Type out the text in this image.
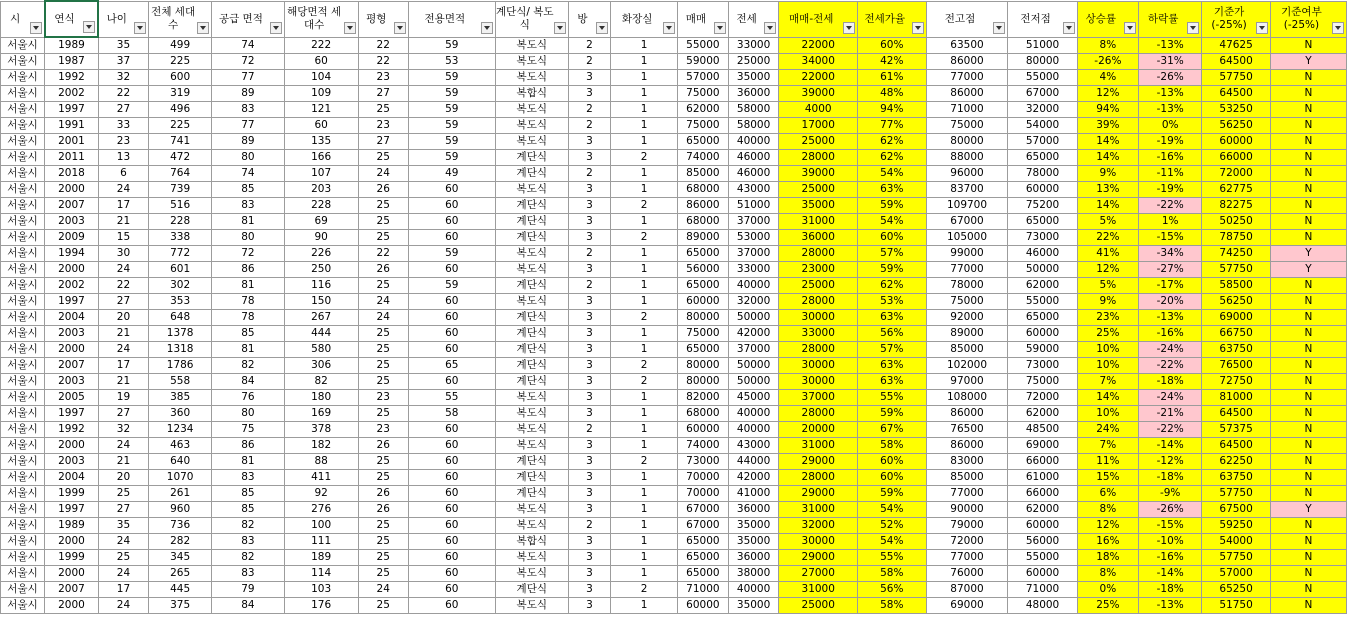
시	연식	나이	전체 세대수	공급 면적	해당면적 세대수	평형	전용면적	계단식/ 복도식	방	화장실	매매	전세	매매-전세	전세가율	전고점	전저점	상승률	하락률	기준가 (-25%)	기준여부 (-25%)

서울시	1989	35	499	74	222	22	59	복도식	2	1	55000	33000	22000	60%	63500	51000	8%	-13%	47625	N
서울시	1987	37	225	72	60	22	53	복도식	2	1	59000	25000	34000	42%	86000	80000	-26%	-31%	64500	Y
서울시	1992	32	600	77	104	23	59	복도식	3	1	57000	35000	22000	61%	77000	55000	4%	-26%	57750	N
서울시	2002	22	319	89	109	27	59	복합식	3	1	75000	36000	39000	48%	86000	67000	12%	-13%	64500	N
서울시	1997	27	496	83	121	25	59	복도식	2	1	62000	58000	4000	94%	71000	32000	94%	-13%	53250	N
서울시	1991	33	225	77	60	23	59	복도식	2	1	75000	58000	17000	77%	75000	54000	39%	0%	56250	N
서울시	2001	23	741	89	135	27	59	복도식	3	1	65000	40000	25000	62%	80000	57000	14%	-19%	60000	N
서울시	2011	13	472	80	166	25	59	계단식	3	2	74000	46000	28000	62%	88000	65000	14%	-16%	66000	N
서울시	2018	6	764	74	107	24	49	계단식	2	1	85000	46000	39000	54%	96000	78000	9%	-11%	72000	N
서울시	2000	24	739	85	203	26	60	복도식	3	1	68000	43000	25000	63%	83700	60000	13%	-19%	62775	N
서울시	2007	17	516	83	228	25	60	계단식	3	2	86000	51000	35000	59%	109700	75200	14%	-22%	82275	N
서울시	2003	21	228	81	69	25	60	계단식	3	1	68000	37000	31000	54%	67000	65000	5%	1%	50250	N
서울시	2009	15	338	80	90	25	60	계단식	3	2	89000	53000	36000	60%	105000	73000	22%	-15%	78750	N
서울시	1994	30	772	72	226	22	59	복도식	2	1	65000	37000	28000	57%	99000	46000	41%	-34%	74250	Y
서울시	2000	24	601	86	250	26	60	복도식	3	1	56000	33000	23000	59%	77000	50000	12%	-27%	57750	Y
서울시	2002	22	302	81	116	25	59	계단식	2	1	65000	40000	25000	62%	78000	62000	5%	-17%	58500	N
서울시	1997	27	353	78	150	24	60	복도식	3	1	60000	32000	28000	53%	75000	55000	9%	-20%	56250	N
서울시	2004	20	648	78	267	24	60	계단식	3	2	80000	50000	30000	63%	92000	65000	23%	-13%	69000	N
서울시	2003	21	1378	85	444	25	60	계단식	3	1	75000	42000	33000	56%	89000	60000	25%	-16%	66750	N
서울시	2000	24	1318	81	580	25	60	계단식	3	1	65000	37000	28000	57%	85000	59000	10%	-24%	63750	N
서울시	2007	17	1786	82	306	25	65	계단식	3	2	80000	50000	30000	63%	102000	73000	10%	-22%	76500	N
서울시	2003	21	558	84	82	25	60	계단식	3	2	80000	50000	30000	63%	97000	75000	7%	-18%	72750	N
서울시	2005	19	385	76	180	23	55	복도식	3	1	82000	45000	37000	55%	108000	72000	14%	-24%	81000	N
서울시	1997	27	360	80	169	25	58	복도식	3	1	68000	40000	28000	59%	86000	62000	10%	-21%	64500	N
서울시	1992	32	1234	75	378	23	60	복도식	2	1	60000	40000	20000	67%	76500	48500	24%	-22%	57375	N
서울시	2000	24	463	86	182	26	60	복도식	3	1	74000	43000	31000	58%	86000	69000	7%	-14%	64500	N
서울시	2003	21	640	81	88	25	60	계단식	3	2	73000	44000	29000	60%	83000	66000	11%	-12%	62250	N
서울시	2004	20	1070	83	411	25	60	계단식	3	1	70000	42000	28000	60%	85000	61000	15%	-18%	63750	N
서울시	1999	25	261	85	92	26	60	계단식	3	1	70000	41000	29000	59%	77000	66000	6%	-9%	57750	N
서울시	1997	27	960	85	276	26	60	복도식	3	1	67000	36000	31000	54%	90000	62000	8%	-26%	67500	Y
서울시	1989	35	736	82	100	25	60	복도식	2	1	67000	35000	32000	52%	79000	60000	12%	-15%	59250	N
서울시	2000	24	282	83	111	25	60	복합식	3	1	65000	35000	30000	54%	72000	56000	16%	-10%	54000	N
서울시	1999	25	345	82	189	25	60	복도식	3	1	65000	36000	29000	55%	77000	55000	18%	-16%	57750	N
서울시	2000	24	265	83	114	25	60	복도식	3	1	65000	38000	27000	58%	76000	60000	8%	-14%	57000	N
서울시	2007	17	445	79	103	24	60	계단식	3	2	71000	40000	31000	56%	87000	71000	0%	-18%	65250	N
서울시	2000	24	375	84	176	25	60	복도식	3	1	60000	35000	25000	58%	69000	48000	25%	-13%	51750	N
